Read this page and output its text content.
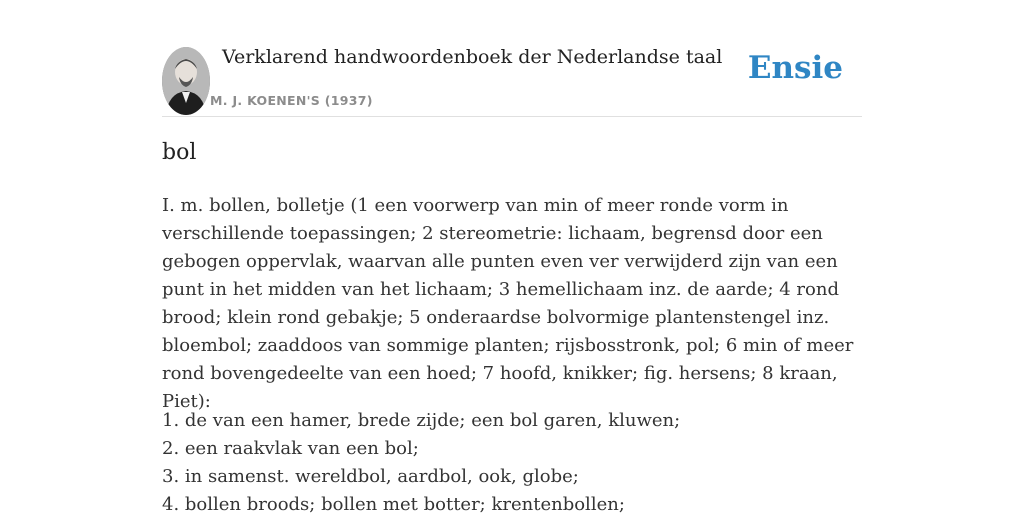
Verklarend handwoordenboek der Nederlandse taal
M. J. KOENEN'S (1937)
Ensie
bol

I. m. bollen, bolletje (1 een voorwerp van min of meer ronde vorm in verschillende toepassingen; 2 stereometrie: lichaam, begrensd door een gebogen oppervlak, waarvan alle punten even ver verwijderd zijn van een punt in het midden van het lichaam; 3 hemellichaam inz. de aarde; 4 rond brood; klein rond gebakje; 5 onderaardse bolvormige plantenstengel inz. bloembol; zaaddoos van sommige planten; rijsbosstronk, pol; 6 min of meer rond bovengedeelte van een hoed; 7 hoofd, knikker; fig. hersens; 8 kraan, Piet):

1. de van een hamer, brede zijde; een bol garen, kluwen;
2. een raakvlak van een bol;
3. in samenst. wereldbol, aardbol, ook, globe;
4. bollen broods; bollen met botter; krentenbollen;
